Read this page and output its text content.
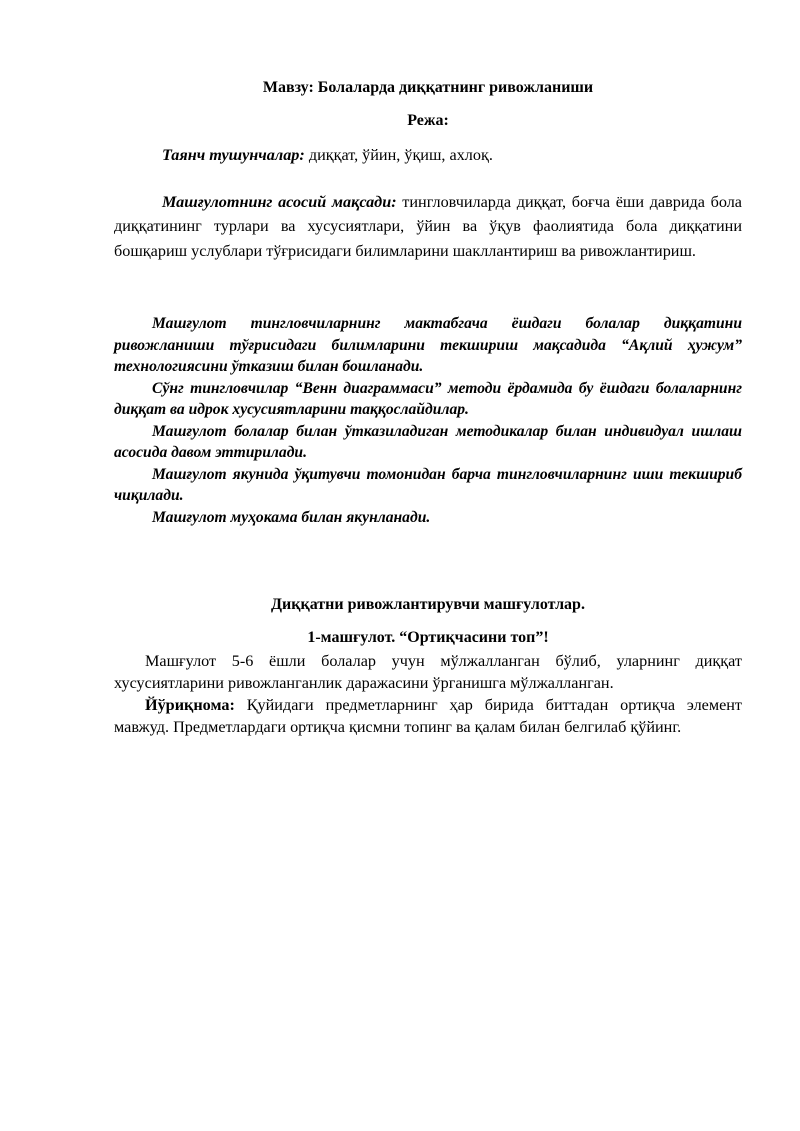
Мавзу: Болаларда диққатнинг ривожланиши

Режа:

Таянч тушунчалар: диққат, ўйин, ўқиш, ахлоқ.

Машғулотнинг асосий мақсади: тингловчиларда диққат, боғча ёши даврида бола диққатининг турлари ва хусусиятлари, ўйин ва ўқув фаолиятида бола диққатини бошқариш услублари тўғрисидаги билимларини шакллантириш ва ривожлантириш.

Машғулот тингловчиларнинг мактабгача ёшдаги болалар диққатини ривожланиши тўғрисидаги билимларини текшириш мақсадида “Ақлий ҳужум” технологиясини ўтказиш билан бошланади.

Сўнг тингловчилар “Венн диаграммаси” методи ёрдамида бу ёшдаги болаларнинг диққат ва идрок хусусиятларини таққослайдилар.

Машғулот болалар билан ўтказиладиган методикалар билан индивидуал ишлаш асосида давом эттирилади.

Машғулот якунида ўқитувчи томонидан барча тингловчиларнинг иши текшириб чиқилади.

Машғулот муҳокама билан якунланади.

Диққатни ривожлантирувчи машғулотлар.

1-машғулот. “Ортиқчасини топ”!

Машғулот 5-6 ёшли болалар учун мўлжалланган бўлиб, уларнинг диққат хусусиятларини ривожланганлик даражасини ўрганишга мўлжалланган.

Йўриқнома: Қуйидаги предметларнинг ҳар бирида биттадан ортиқча элемент мавжуд. Предметлардаги ортиқча қисмни топинг ва қалам билан белгилаб қўйинг.
